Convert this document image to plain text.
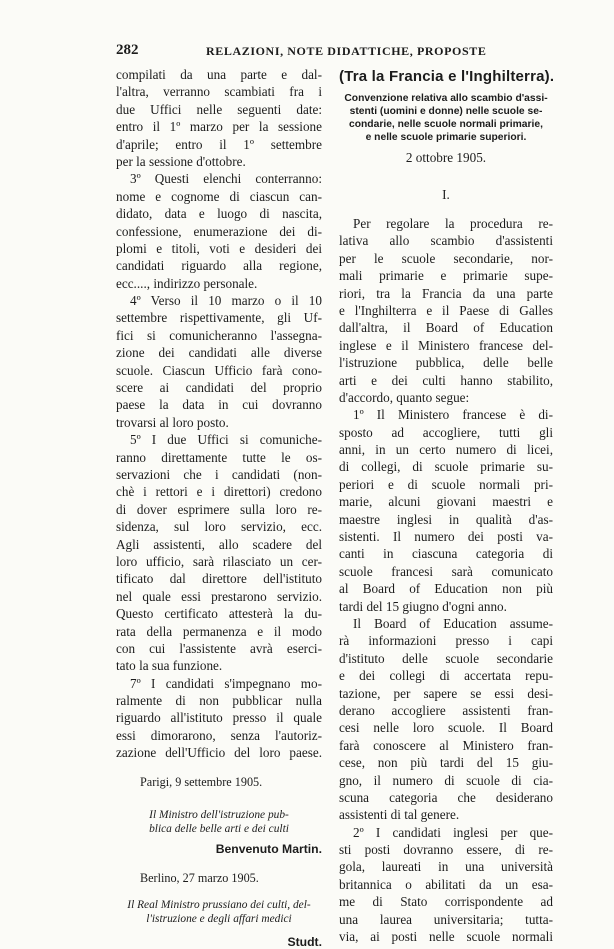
282	RELAZIONI, NOTE DIDATTICHE, PROPOSTE
compilati da una parte e dal-
l'altra, verranno scambiati fra i
due Uffici nelle seguenti date:
entro il 1º marzo per la sessione
d'aprile; entro il 1º settembre
per la sessione d'ottobre.
3º Questi elenchi conterranno:
nome e cognome di ciascun can-
didato, data e luogo di nascita,
confessione, enumerazione dei di-
plomi e titoli, voti e desideri dei
candidati riguardo alla regione,
ecc...., indirizzo personale.
4º Verso il 10 marzo o il 10
settembre rispettivamente, gli Uf-
fici si comunicheranno l'assegna-
zione dei candidati alle diverse
scuole. Ciascun Ufficio farà cono-
scere ai candidati del proprio
paese la data in cui dovranno
trovarsi al loro posto.
5º I due Uffici si comuniche-
ranno direttamente tutte le os-
servazioni che i candidati (non-
chè i rettori e i direttori) credono
di dover esprimere sulla loro re-
sidenza, sul loro servizio, ecc.
Agli assistenti, allo scadere del
loro ufficio, sarà rilasciato un cer-
tificato dal direttore dell'istituto
nel quale essi prestarono servizio.
Questo certificato attesterà la du-
rata della permanenza e il modo
con cui l'assistente avrà eserci-
tato la sua funzione.
7º I candidati s'impegnano mo-
ralmente di non pubblicar nulla
riguardo all'istituto presso il quale
essi dimorarono, senza l'autoriz-
zazione dell'Ufficio del loro paese.
Parigi, 9 settembre 1905.
Il Ministro dell'istruzione pub-
blica delle belle arti e dei culti
Benvenuto Martin.
Berlino, 27 marzo 1905.
Il Real Ministro prussiano dei culti, del-
l'istruzione e degli affari medici
Studt.
(Tra la Francia e l'Inghilterra).
Convenzione relativa allo scambio d'assi-
stenti (uomini e donne) nelle scuole se-
condarie, nelle scuole normali primarie,
e nelle scuole primarie superiori.
2 ottobre 1905.
I.
Per regolare la procedura re-
lativa allo scambio d'assistenti
per le scuole secondarie, nor-
mali primarie e primarie supe-
riori, tra la Francia da una parte
e l'Inghilterra e il Paese di Galles
dall'altra, il Board of Education
inglese e il Ministero francese del-
l'istruzione pubblica, delle belle
arti e dei culti hanno stabilito,
d'accordo, quanto segue:
1º Il Ministero francese è di-
sposto ad accogliere, tutti gli
anni, in un certo numero di licei,
di collegi, di scuole primarie su-
periori e di scuole normali pri-
marie, alcuni giovani maestri e
maestre inglesi in qualità d'as-
sistenti. Il numero dei posti va-
canti in ciascuna categoria di
scuole francesi sarà comunicato
al Board of Education non più
tardi del 15 giugno d'ogni anno.
Il Board of Education assume-
rà informazioni presso i capi
d'istituto delle scuole secondarie
e dei collegi di accertata repu-
tazione, per sapere se essi desi-
derano accogliere assistenti fran-
cesi nelle loro scuole. Il Board
farà conoscere al Ministero fran-
cese, non più tardi del 15 giu-
gno, il numero di scuole di cia-
scuna categoria che desiderano
assistenti di tal genere.
2º I candidati inglesi per que-
sti posti dovranno essere, di re-
gola, laureati in una università
britannica o abilitati da un esa-
me di Stato corrispondente ad
una laurea universitaria; tutta-
via, ai posti nelle scuole normali
